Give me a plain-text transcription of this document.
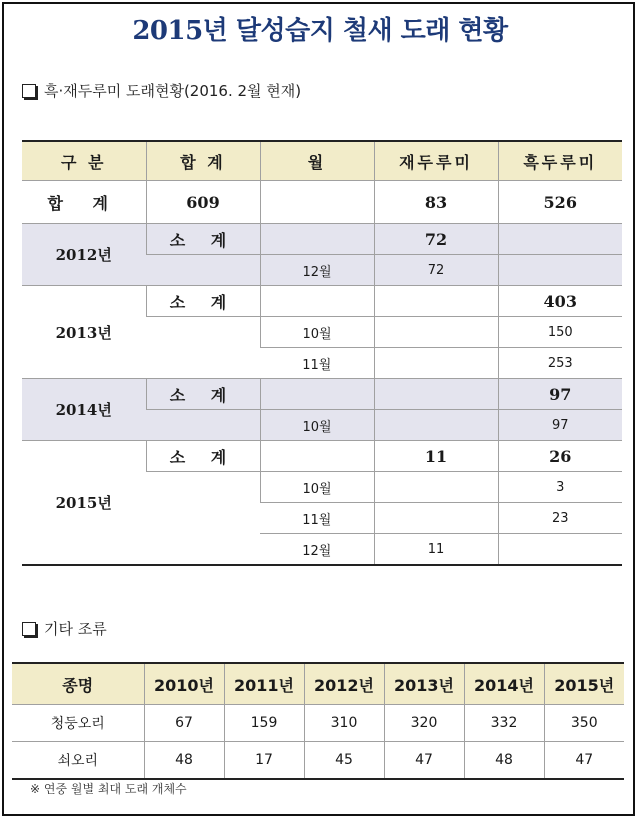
2015년 달성습지 철새 도래 현황
흑·재두루미 도래현황(2016. 2월 현재)
구 분	합 계	월	재두루미	흑두루미
합 계	609		83	526
2012년	소 계		72	
		12월	72	
2013년	소 계			403
		10월		150
		11월		253
2014년	소 계			97
		10월		97
2015년	소 계		11	26
		10월		3
		11월		23
		12월	11	
기타 조류
종명	2010년	2011년	2012년	2013년	2014년	2015년
청둥오리	67	159	310	320	332	350
쇠오리	48	17	45	47	48	47
※ 연중 월별 최대 도래 개체수
